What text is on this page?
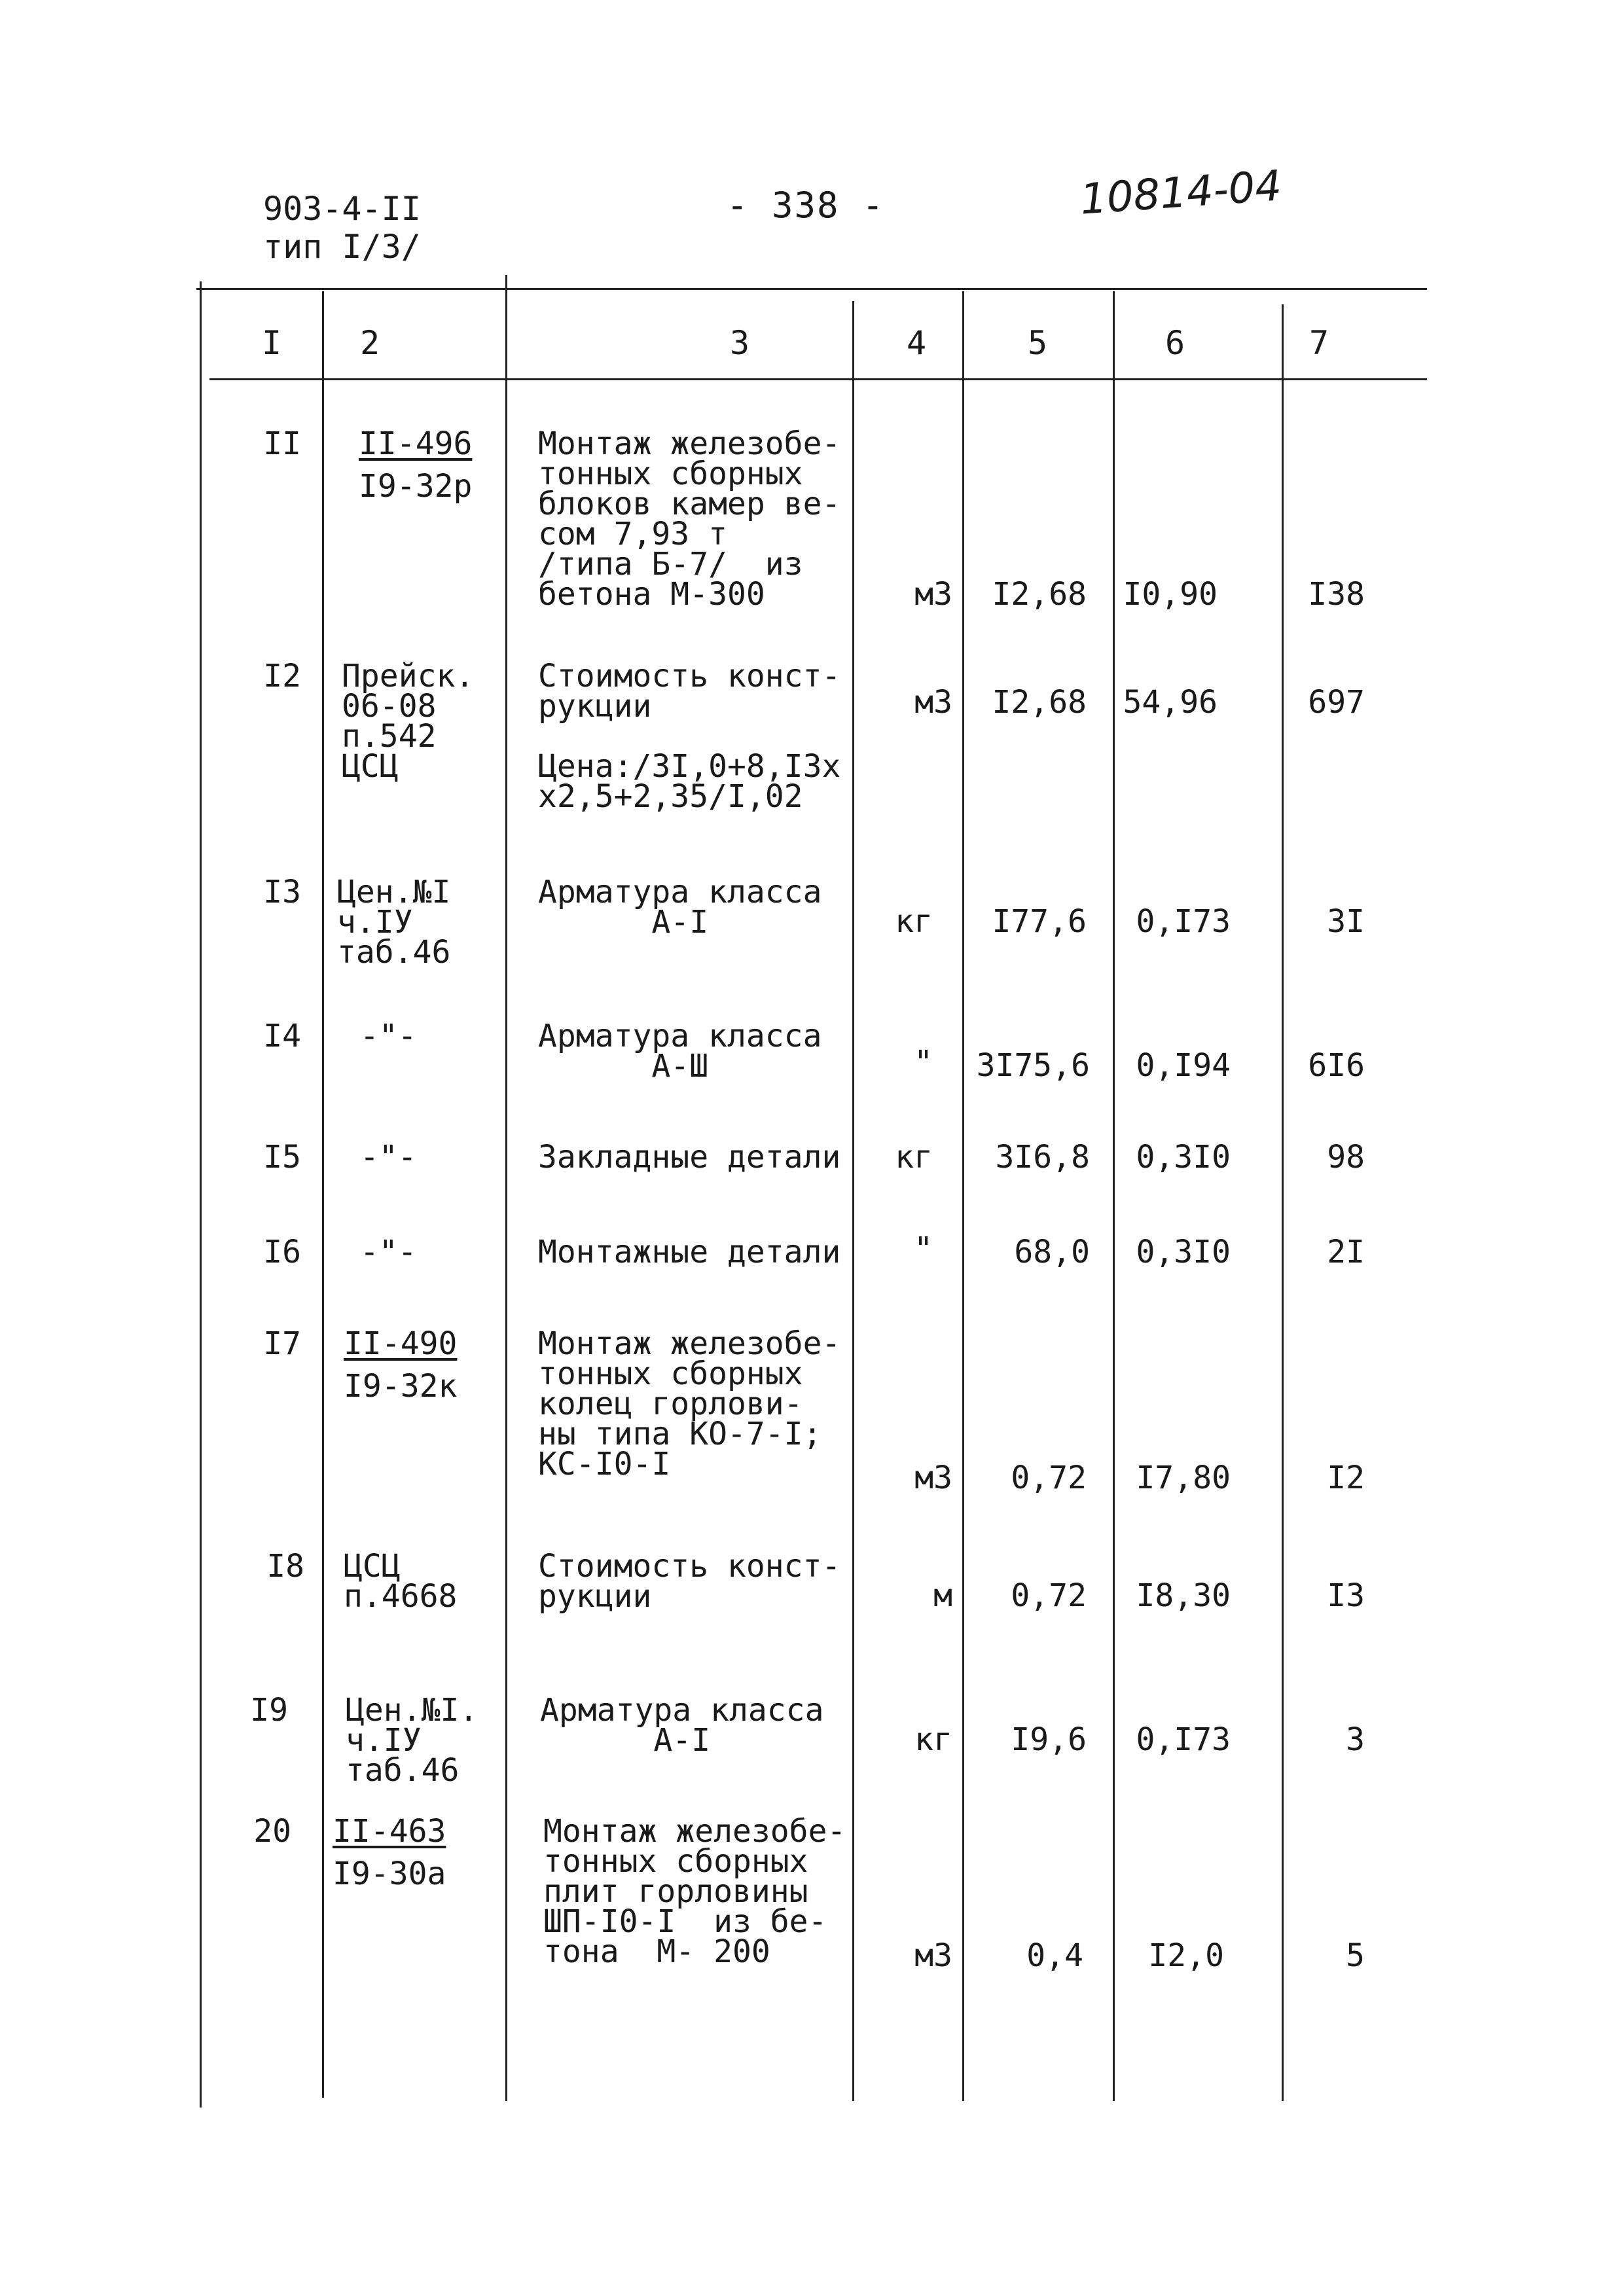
903-4-II
тип I/3/
- 338 -	10814-04
I	2	3	4	5	6	7
II II-496
I9-32р
Монтаж железобе-
тонных сборных
блоков камер ве-
сом 7,93 т
/типа Б-7/  из
бетона М-300	м3	I2,68	I0,90	I38
I2 Прейск.
06-08
п.542
ЦСЦ
Стоимость конст-
рукции

Цена:/3I,0+8,I3х
х2,5+2,35/I,02
м3	I2,68	54,96	697
I3 Цен.№I
ч.IУ
таб.46
Арматура класса
А-I	кг	I77,6	0,I73	3I
I4 -"-	Арматура класса
А-Ш	"	3I75,6	0,I94	6I6
I5 -"-	Закладные детали	кг	3I6,8	0,3I0	98
I6 -"-	Монтажные детали	"	68,0	0,3I0	2I
I7 II-490
I9-32к
Монтаж железобе-
тонных сборных
колец горлови-
ны типа КО-7-I;
КС-I0-I	м3	0,72	I7,80	I2
I8 ЦСЦ
п.4668
Стоимость конст-
рукции	м	0,72	I8,30	I3
I9 Цен.№I.
ч.IУ
таб.46
Арматура класса
А-I	кг	I9,6	0,I73	3
20 II-463
I9-30а
Монтаж железобе-
тонных сборных
плит горловины
ШП-I0-I  из бе-
тона  М- 200	м3	0,4	I2,0	5
